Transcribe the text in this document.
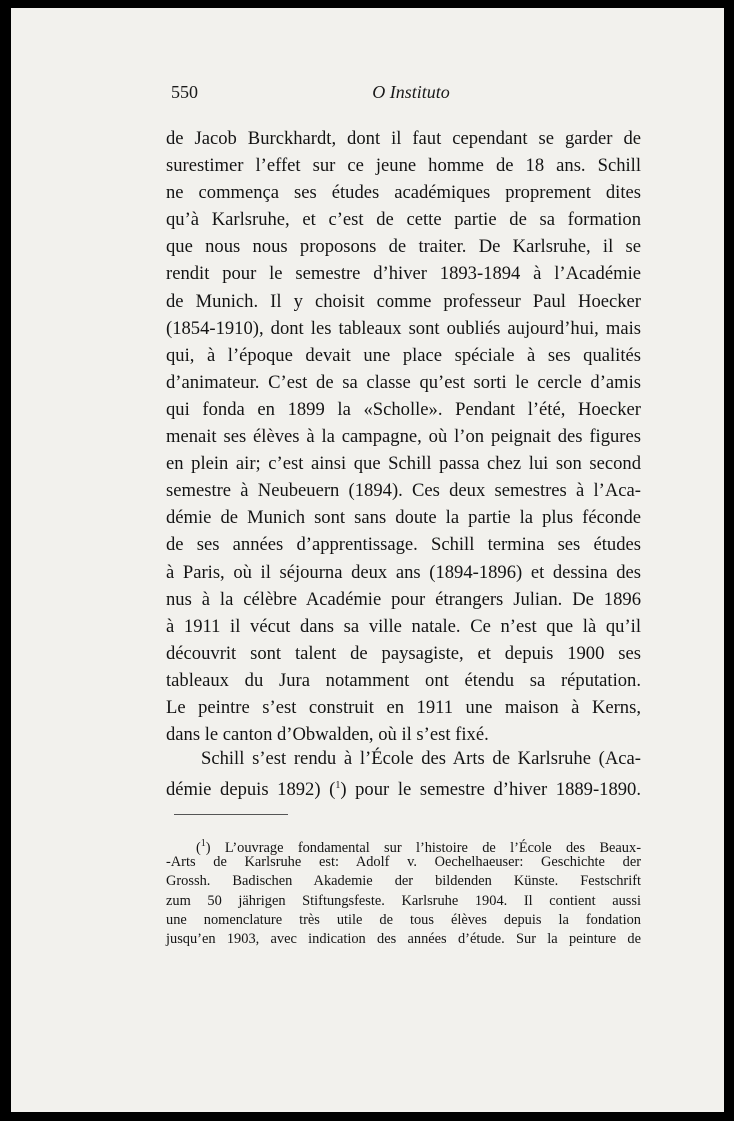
550	O Instituto
de Jacob Burckhardt, dont il faut cependant se garder de
surestimer l’effet sur ce jeune homme de 18 ans. Schill
ne commença ses études académiques proprement dites
qu’à Karlsruhe, et c’est de cette partie de sa formation
que nous nous proposons de traiter. De Karlsruhe, il se
rendit pour le semestre d’hiver 1893-1894 à l’Académie
de Munich. Il y choisit comme professeur Paul Hoecker
(1854-1910), dont les tableaux sont oubliés aujourd’hui, mais
qui, à l’époque devait une place spéciale à ses qualités
d’animateur. C’est de sa classe qu’est sorti le cercle d’amis
qui fonda en 1899 la «Scholle». Pendant l’été, Hoecker
menait ses élèves à la campagne, où l’on peignait des figures
en plein air; c’est ainsi que Schill passa chez lui son second
semestre à Neubeuern (1894). Ces deux semestres à l’Aca-
démie de Munich sont sans doute la partie la plus féconde
de ses années d’apprentissage. Schill termina ses études
à Paris, où il séjourna deux ans (1894-1896) et dessina des
nus à la célèbre Académie pour étrangers Julian. De 1896
à 1911 il vécut dans sa ville natale. Ce n’est que là qu’il
découvrit sont talent de paysagiste, et depuis 1900 ses
tableaux du Jura notamment ont étendu sa réputation.
Le peintre s’est construit en 1911 une maison à Kerns,
dans le canton d’Obwalden, où il s’est fixé.
Schill s’est rendu à l’École des Arts de Karlsruhe (Aca-
démie depuis 1892) ($^1$) pour le semestre d’hiver 1889-1890.
($^1$) L’ouvrage fondamental sur l’histoire de l’École des Beaux-
-Arts de Karlsruhe est: Adolf v. Oechelhaeuser: Geschichte der
Grossh. Badischen Akademie der bildenden Künste. Festschrift
zum 50 jährigen Stiftungsfeste. Karlsruhe 1904. Il contient aussi
une nomenclature très utile de tous élèves depuis la fondation
jusqu’en 1903, avec indication des années d’étude. Sur la peinture de
